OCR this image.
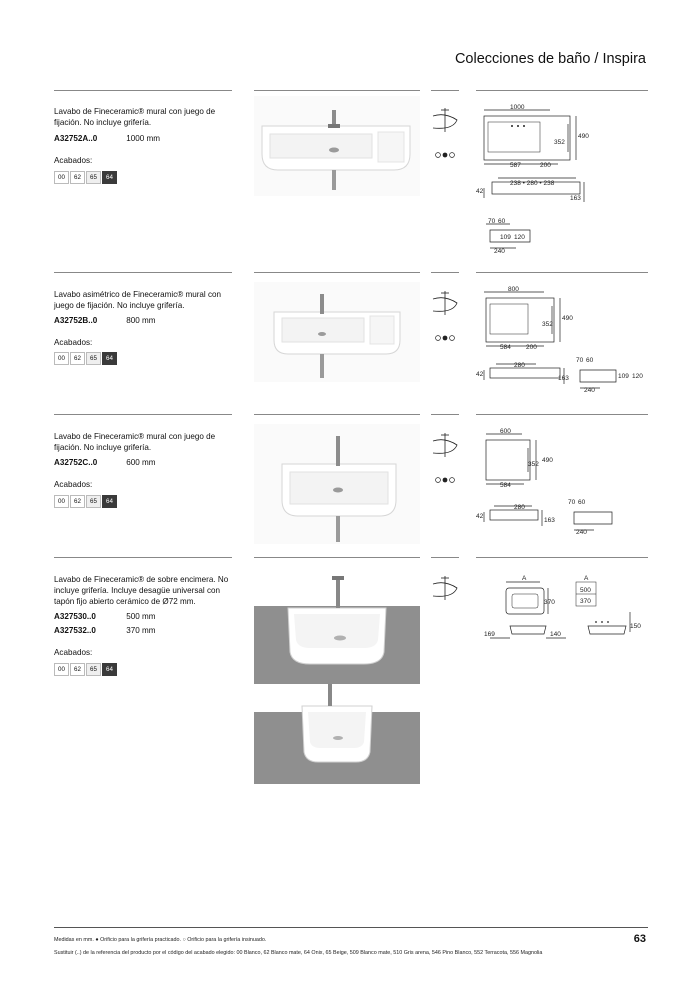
Colecciones de baño / Inspira
Lavabo de Fineceramic® mural con juego de fijación. No incluye grifería.
A32752A..0	1000 mm
Acabados:
00	62	65	64
1000
490
352
587	200
238 • 280 • 238
42
163
70 60
109 120
240
Lavabo asimétrico de Fineceramic® mural con juego de fijación. No incluye grifería.
A32752B..0	800 mm
Acabados:
00	62	65	64
800
490
352
584 200
280
42
163
70 60
109 120
240
Lavabo de Fineceramic® mural con juego de fijación. No incluye grifería.
A32752C..0	600 mm
Acabados:
00	62	65	64
600
490
352
584
280
42
163
70 60
240
Lavabo de Fineceramic® de sobre encimera. No incluye grifería. Incluye desagüe universal con tapón fijo abierto cerámico de Ø72 mm.
A327530..0	500 mm
A327532..0	370 mm
Acabados:
00	62	65	64
A	A
500
370
370
169	140
150
Medidas en mm. ● Orificio para la grifería practicado. ○ Orificio para la grifería insinuado.
Sustituir (..) de la referencia del producto por el código del acabado elegido: 00 Blanco, 62 Blanco mate, 64 Onix, 65 Beige, 509 Blanco mate, 510 Gris arena, 546 Pino Blanco, 552 Terracota, 556 Magnolia
63
